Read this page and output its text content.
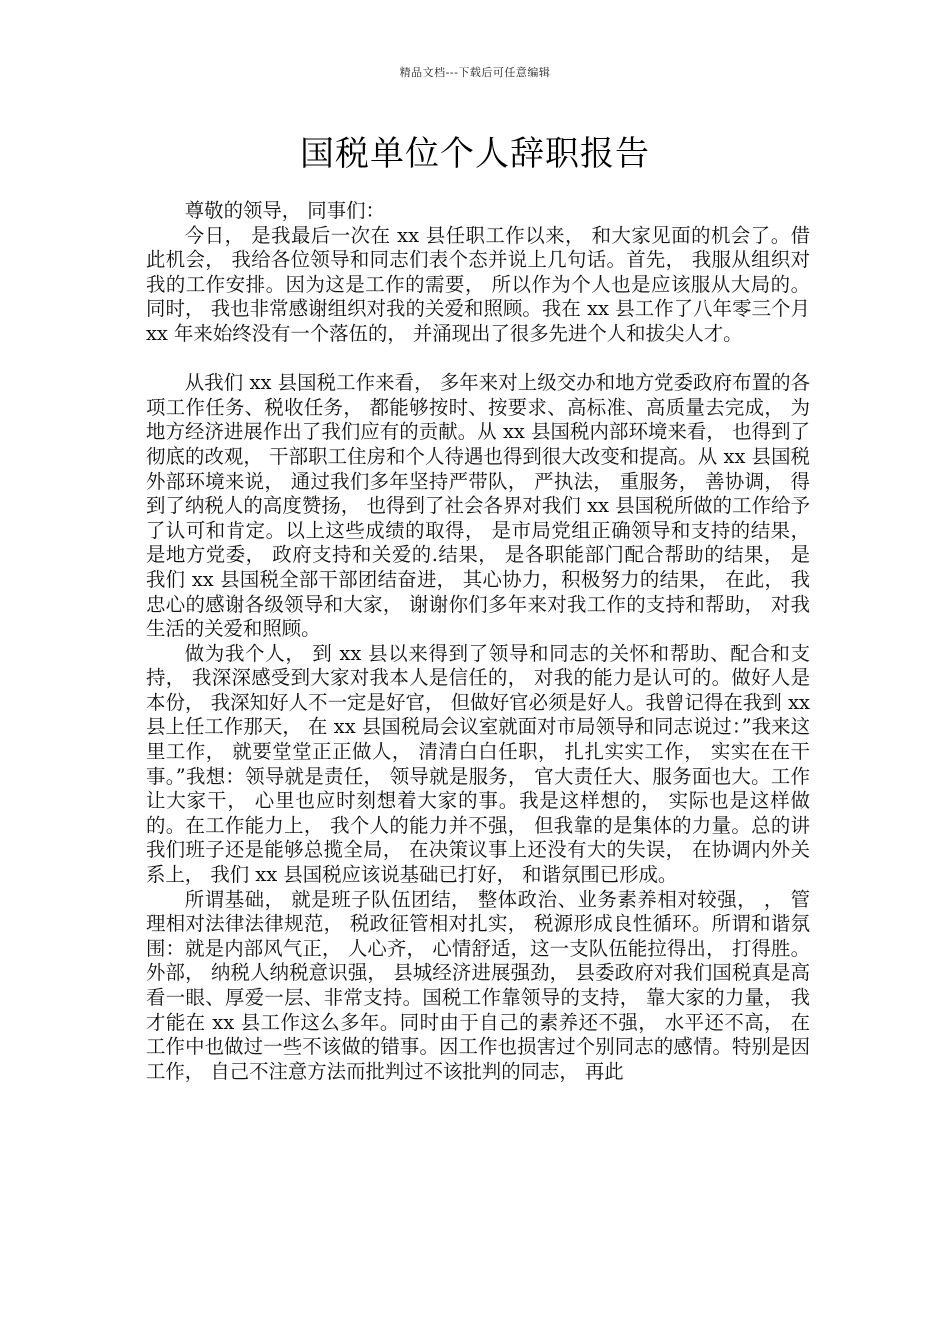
精品文档---下载后可任意编辑
国税单位个人辞职报告

尊敬的领导， 同事们：

今日， 是我最后一次在 xx 县任职工作以来， 和大家见面的机会了。借此机会， 我给各位领导和同志们表个态并说上几句话。首先， 我服从组织对我的工作安排。因为这是工作的需要， 所以作为个人也是应该服从大局的。同时， 我也非常感谢组织对我的关爱和照顾。我在 xx 县工作了八年零三个月 xx 年来始终没有一个落伍的， 并涌现出了很多先进个人和拔尖人才。

从我们 xx 县国税工作来看， 多年来对上级交办和地方党委政府布置的各项工作任务、税收任务， 都能够按时、按要求、高标准、高质量去完成， 为地方经济进展作出了我们应有的贡献。从 xx 县国税内部环境来看， 也得到了彻底的改观， 干部职工住房和个人待遇也得到很大改变和提高。从 xx 县国税外部环境来说， 通过我们多年坚持严带队， 严执法， 重服务， 善协调， 得到了纳税人的高度赞扬， 也得到了社会各界对我们 xx 县国税所做的工作给予了认可和肯定。以上这些成绩的取得， 是市局党组正确领导和支持的结果， 是地方党委， 政府支持和关爱的.结果， 是各职能部门配合帮助的结果， 是我们 xx 县国税全部干部团结奋进， 其心协力，积极努力的结果， 在此， 我忠心的感谢各级领导和大家， 谢谢你们多年来对我工作的支持和帮助， 对我生活的关爱和照顾。

做为我个人， 到 xx 县以来得到了领导和同志的关怀和帮助、配合和支持， 我深深感受到大家对我本人是信任的， 对我的能力是认可的。做好人是本份， 我深知好人不一定是好官， 但做好官必须是好人。我曾记得在我到 xx 县上任工作那天， 在 xx 县国税局会议室就面对市局领导和同志说过：”我来这里工作， 就要堂堂正正做人， 清清白白任职， 扎扎实实工作， 实实在在干事。”我想：领导就是责任， 领导就是服务， 官大责任大、服务面也大。工作让大家干， 心里也应时刻想着大家的事。我是这样想的， 实际也是这样做的。在工作能力上， 我个人的能力并不强， 但我靠的是集体的力量。总的讲我们班子还是能够总揽全局， 在决策议事上还没有大的失误， 在协调内外关系上， 我们 xx 县国税应该说基础已打好， 和谐氛围已形成。

所谓基础， 就是班子队伍团结， 整体政治、业务素养相对较强， ， 管理相对法律法律规范， 税政征管相对扎实， 税源形成良性循环。所谓和谐氛围：就是内部风气正， 人心齐， 心情舒适，这一支队伍能拉得出， 打得胜。外部， 纳税人纳税意识强， 县城经济进展强劲， 县委政府对我们国税真是高看一眼、厚爱一层、非常支持。国税工作靠领导的支持， 靠大家的力量， 我才能在 xx 县工作这么多年。同时由于自己的素养还不强， 水平还不高， 在工作中也做过一些不该做的错事。因工作也损害过个别同志的感情。特别是因工作， 自己不注意方法而批判过不该批判的同志， 再此
